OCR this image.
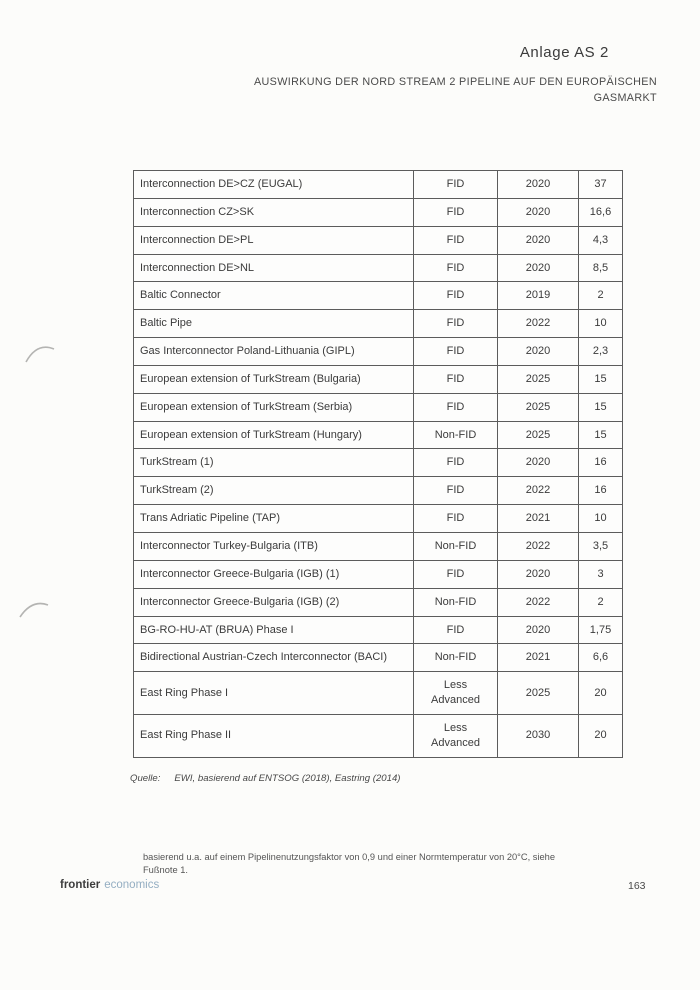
Anlage AS 2
AUSWIRKUNG DER NORD STREAM 2 PIPELINE AUF DEN EUROPÄISCHEN
GASMARKT
Interconnection DE>CZ (EUGAL)	FID	2020	37
Interconnection CZ>SK	FID	2020	16,6
Interconnection DE>PL	FID	2020	4,3
Interconnection DE>NL	FID	2020	8,5
Baltic Connector	FID	2019	2
Baltic Pipe	FID	2022	10
Gas Interconnector Poland-Lithuania (GIPL)	FID	2020	2,3
European extension of TurkStream (Bulgaria)	FID	2025	15
European extension of TurkStream (Serbia)	FID	2025	15
European extension of TurkStream (Hungary)	Non-FID	2025	15
TurkStream (1)	FID	2020	16
TurkStream (2)	FID	2022	16
Trans Adriatic Pipeline (TAP)	FID	2021	10
Interconnector Turkey-Bulgaria (ITB)	Non-FID	2022	3,5
Interconnector Greece-Bulgaria (IGB) (1)	FID	2020	3
Interconnector Greece-Bulgaria (IGB) (2)	Non-FID	2022	2
BG-RO-HU-AT (BRUA) Phase I	FID	2020	1,75
Bidirectional Austrian-Czech Interconnector (BACI)	Non-FID	2021	6,6
East Ring Phase I	Less Advanced	2025	20
East Ring Phase II	Less Advanced	2030	20
Quelle: EWI, basierend auf ENTSOG (2018), Eastring (2014)
basierend u.a. auf einem Pipelinenutzungsfaktor von 0,9 und einer Normtemperatur von 20°C, siehe Fußnote 1.
frontier economics	163
